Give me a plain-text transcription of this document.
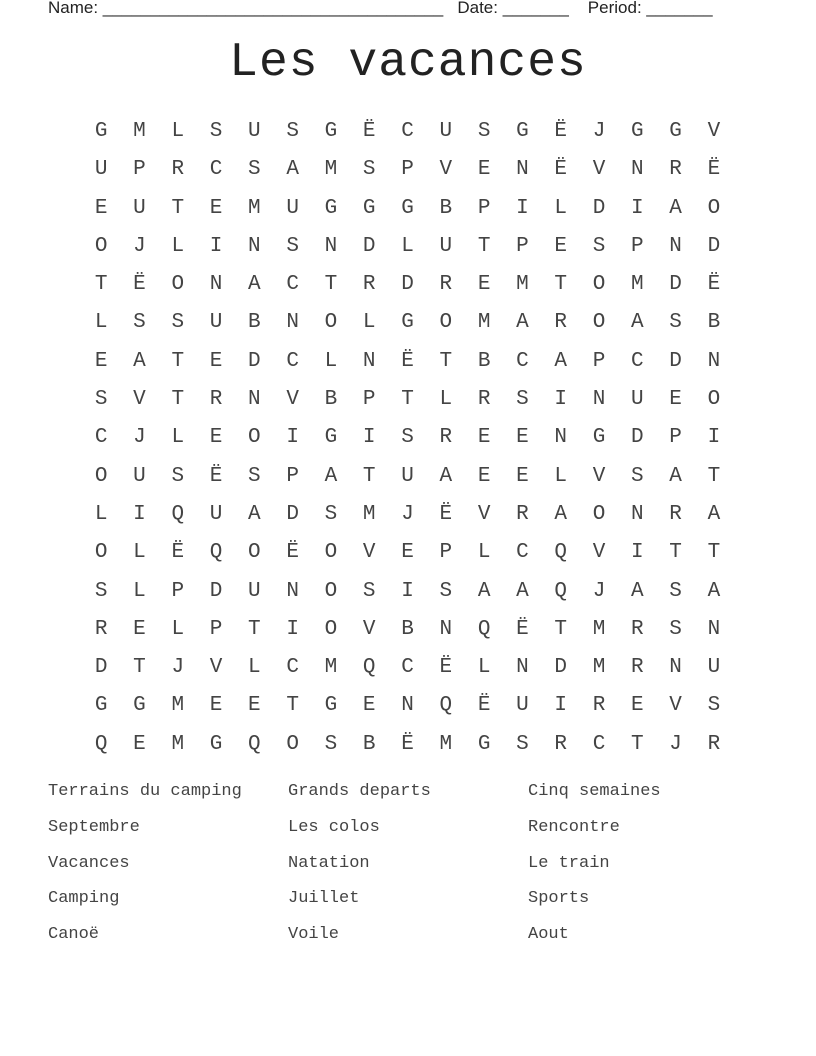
Name: ____________________________________ Date: _______ Period: _______
Les vacances
G	M	L	S	U	S	G	Ë	C	U	S	G	Ë	J	G	G	V
U	P	R	C	S	A	M	S	P	V	E	N	Ë	V	N	R	Ë
E	U	T	E	M	U	G	G	G	B	P	I	L	D	I	A	O
O	J	L	I	N	S	N	D	L	U	T	P	E	S	P	N	D
T	Ë	O	N	A	C	T	R	D	R	E	M	T	O	M	D	Ë
L	S	S	U	B	N	O	L	G	O	M	A	R	O	A	S	B
E	A	T	E	D	C	L	N	Ë	T	B	C	A	P	C	D	N
S	V	T	R	N	V	B	P	T	L	R	S	I	N	U	E	O
C	J	L	E	O	I	G	I	S	R	E	E	N	G	D	P	I
O	U	S	Ë	S	P	A	T	U	A	E	E	L	V	S	A	T
L	I	Q	U	A	D	S	M	J	Ë	V	R	A	O	N	R	A
O	L	Ë	Q	O	Ë	O	V	E	P	L	C	Q	V	I	T	T
S	L	P	D	U	N	O	S	I	S	A	A	Q	J	A	S	A
R	E	L	P	T	I	O	V	B	N	Q	Ë	T	M	R	S	N
D	T	J	V	L	C	M	Q	C	Ë	L	N	D	M	R	N	U
G	G	M	E	E	T	G	E	N	Q	Ë	U	I	R	E	V	S
Q	E	M	G	Q	O	S	B	Ë	M	G	S	R	C	T	J	R
Terrains du camping	Grands departs	Cinq semaines
Septembre	Les colos	Rencontre
Vacances	Natation	Le train
Camping	Juillet	Sports
Canoë	Voile	Aout
